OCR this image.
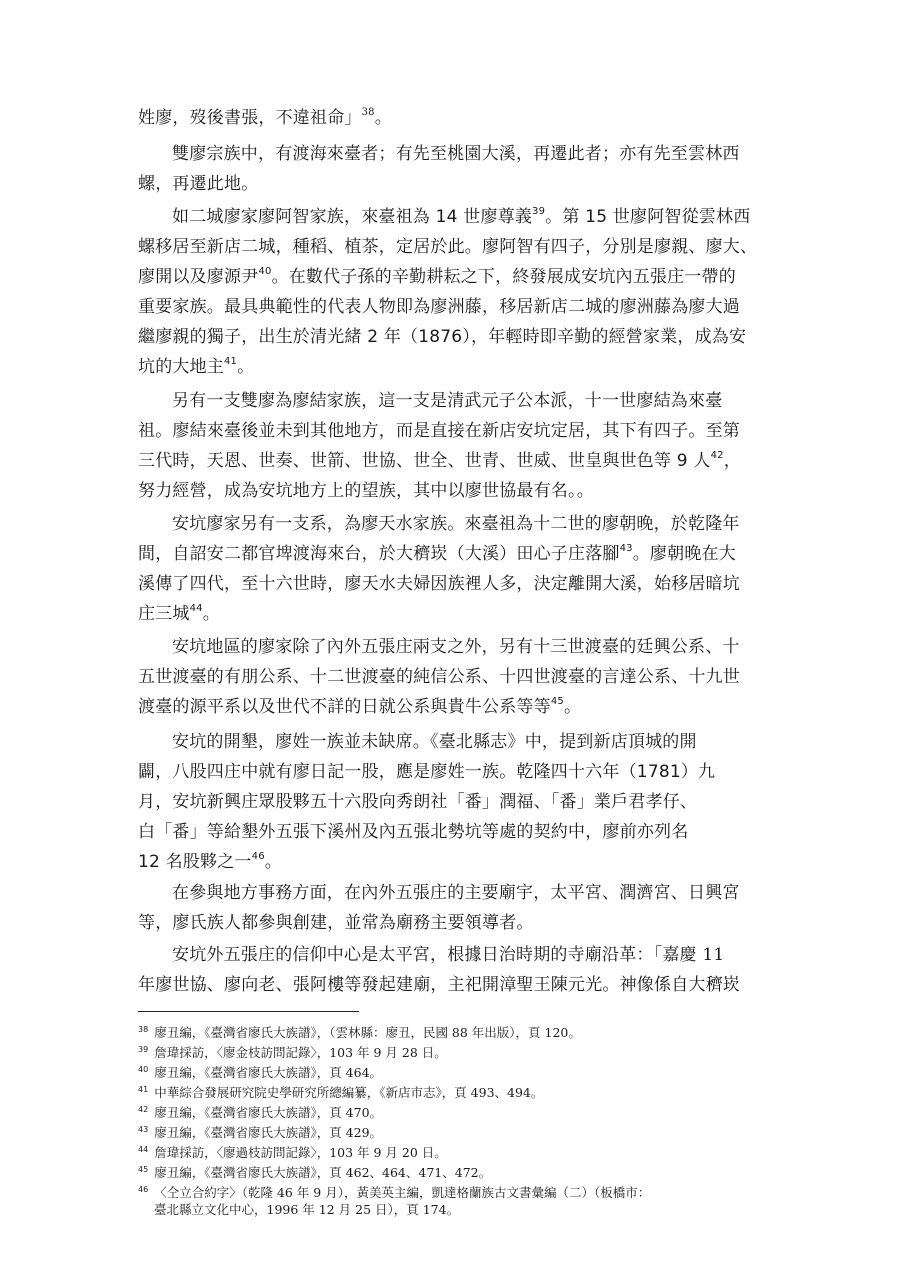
姓廖，歿後書張，不違祖命」$^{38}$。
雙廖宗族中，有渡海來臺者；有先至桃園大溪，再遷此者；亦有先至雲林西
螺，再遷此地。
如二城廖家廖阿智家族，來臺祖為 14 世廖尊義$^{39}$。第 15 世廖阿智從雲林西
螺移居至新店二城，種稻、植茶，定居於此。廖阿智有四子，分別是廖親、廖大、
廖開以及廖源尹$^{40}$。在數代子孫的辛勤耕耘之下，終發展成安坑內五張庄一帶的
重要家族。最具典範性的代表人物即為廖洲藤，移居新店二城的廖洲藤為廖大過
繼廖親的獨子，出生於清光緒 2 年（1876），年輕時即辛勤的經營家業，成為安
坑的大地主$^{41}$。
另有一支雙廖為廖結家族，這一支是清武元子公本派，十一世廖結為來臺
祖。廖結來臺後並未到其他地方，而是直接在新店安坑定居，其下有四子。至第
三代時，天恩、世奏、世箭、世協、世全、世青、世威、世皇與世色等 9 人$^{42}$，
努力經營，成為安坑地方上的望族，其中以廖世協最有名。。
安坑廖家另有一支系，為廖天水家族。來臺祖為十二世的廖朝晚，於乾隆年
間，自詔安二都官埤渡海來台，於大穧崁（大溪）田心子庄落腳$^{43}$。廖朝晚在大
溪傳了四代，至十六世時，廖天水夫婦因族裡人多，決定離開大溪，始移居暗坑
庄三城$^{44}$。
安坑地區的廖家除了內外五張庄兩支之外，另有十三世渡臺的廷興公系、十
五世渡臺的有朋公系、十二世渡臺的純信公系、十四世渡臺的言達公系、十九世
渡臺的源平系以及世代不詳的日就公系與貴牛公系等等$^{45}$。
安坑的開墾，廖姓一族並未缺席。《臺北縣志》中，提到新店頂城的開
闢，八股四庄中就有廖日記一股，應是廖姓一族。乾隆四十六年（1781）九
月，安坑新興庄眾股夥五十六股向秀朗社「番」潤福、「番」業戶君孝仔、
白「番」等給墾外五張下溪州及內五張北勢坑等處的契約中，廖前亦列名
12 名股夥之一$^{46}$。
在參與地方事務方面，在內外五張庄的主要廟宇，太平宮、潤濟宮、日興宮
等，廖氏族人都參與創建，並常為廟務主要領導者。
安坑外五張庄的信仰中心是太平宮，根據日治時期的寺廟沿革：「嘉慶 11
年廖世協、廖向老、張阿樓等發起建廟，主祀開漳聖王陳元光。神像係自大穧崁
$^{38}$ 廖丑編，《臺灣省廖氏大族譜》，（雲林縣：廖丑，民國 88 年出版），頁 120。
$^{39}$ 詹瑋採訪，〈廖金枝訪問記錄〉，103 年 9 月 28 日。
$^{40}$ 廖丑編，《臺灣省廖氏大族譜》，頁 464。
$^{41}$ 中華綜合發展研究院史學研究所總編纂，《新店市志》，頁 493、494。
$^{42}$ 廖丑編，《臺灣省廖氏大族譜》，頁 470。
$^{43}$ 廖丑編，《臺灣省廖氏大族譜》，頁 429。
$^{44}$ 詹瑋採訪，〈廖過枝訪問記錄〉，103 年 9 月 20 日。
$^{45}$ 廖丑編，《臺灣省廖氏大族譜》，頁 462、464、471、472。
$^{46}$ 〈仝立合約字〉（乾隆 46 年 9 月），黃美英主編，凱達格蘭族古文書彙編（二）（板橋市：
臺北縣立文化中心，1996 年 12 月 25 日），頁 174。
